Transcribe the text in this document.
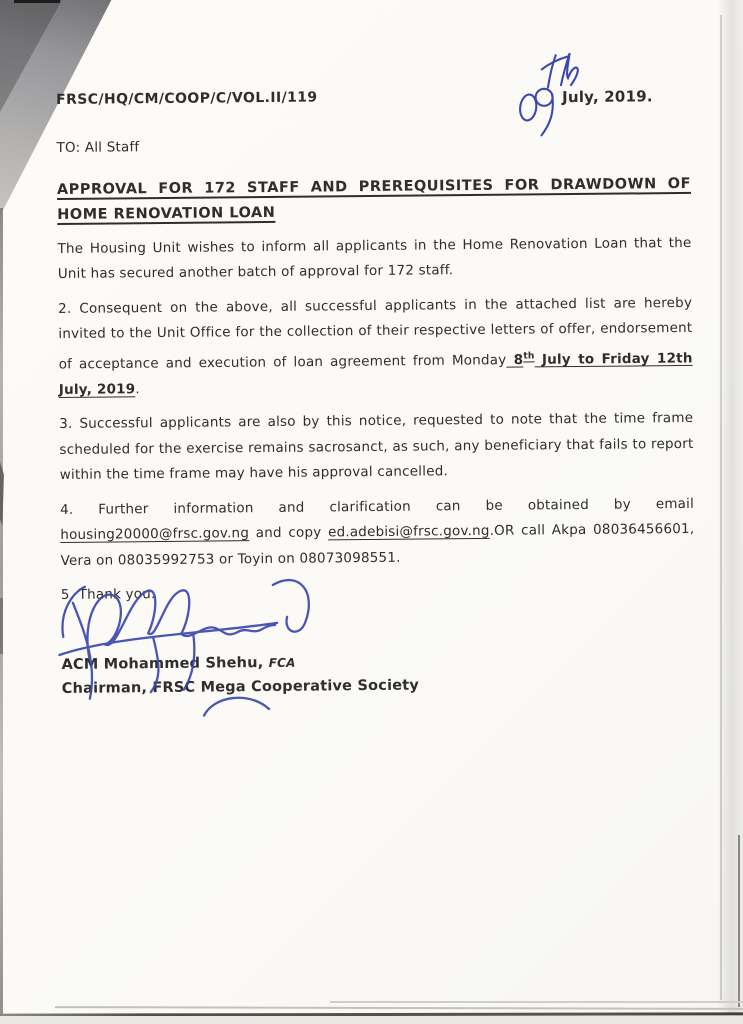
FRSC/HQ/CM/COOP/C/VOL.II/119	July, 2019.
TO: All Staff

APPROVAL FOR 172 STAFF AND PREREQUISITES FOR DRAWDOWN OF HOME RENOVATION LOAN

The Housing Unit wishes to inform all applicants in the Home Renovation Loan that the Unit has secured another batch of approval for 172 staff.

2. Consequent on the above, all successful applicants in the attached list are hereby invited to the Unit Office for the collection of their respective letters of offer, endorsement of acceptance and execution of loan agreement from Monday 8th July to Friday 12th July, 2019.

3. Successful applicants are also by this notice, requested to note that the time frame scheduled for the exercise remains sacrosanct, as such, any beneficiary that fails to report within the time frame may have his approval cancelled.

4. Further information and clarification can be obtained by email housing20000@frsc.gov.ng and copy ed.adebisi@frsc.gov.ng.OR call Akpa 08036456601, Vera on 08035992753 or Toyin on 08073098551.

5. Thank you.

ACM Mohammed Shehu, FCA
Chairman, FRSC Mega Cooperative Society
